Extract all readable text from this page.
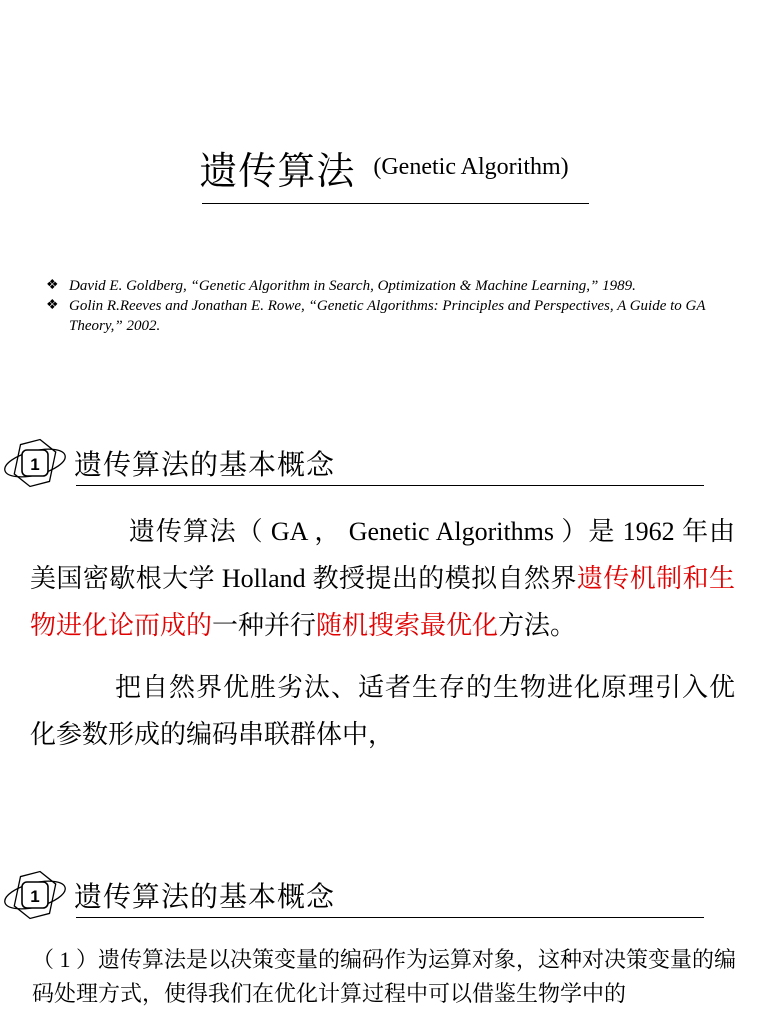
遗传算法 (Genetic Algorithm)

❖ David E. Goldberg, “Genetic Algorithm in Search, Optimization & Machine Learning,” 1989.

❖ Golin R.Reeves and Jonathan E. Rowe, “Genetic Algorithms: Principles and Perspectives, A Guide to GA Theory,” 2002.

1 遗传算法的基本概念
遗传算法（ GA ， Genetic Algorithms ）是 1962 年由美国密歇根大学 Holland 教授提出的模拟自然界遗传机制和生物进化论而成的一种并行随机搜索最优化方法。
把自然界优胜劣汰、适者生存的生物进化原理引入优化参数形成的编码串联群体中，
1 遗传算法的基本概念
（ 1 ）遗传算法是以决策变量的编码作为运算对象，这种对决策变量的编码处理方式，使得我们在优化计算过程中可以借鉴生物学中的
